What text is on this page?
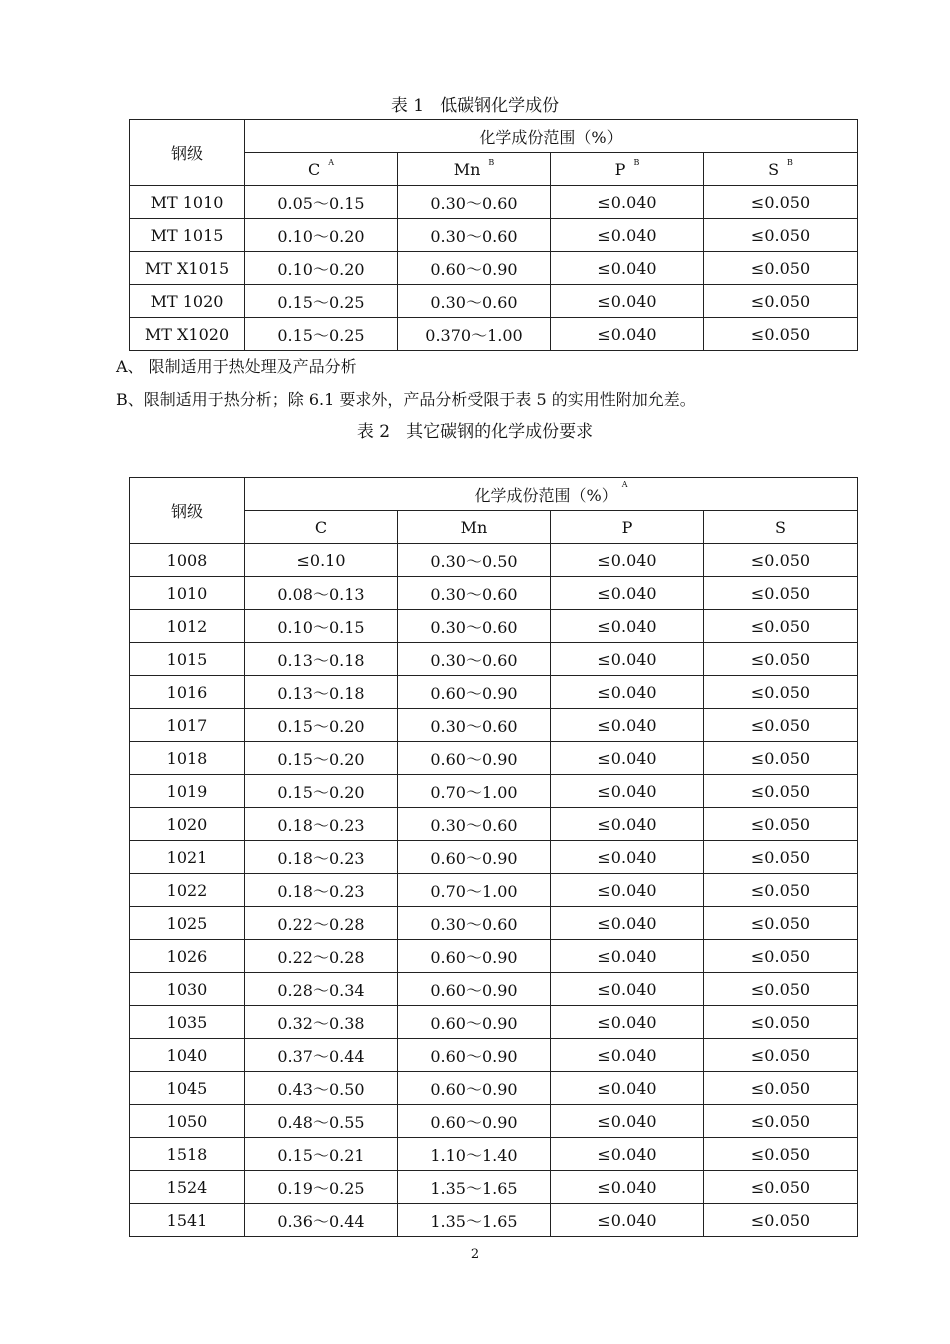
表 1 低碳钢化学成份
钢级	化学成份范围（%）			
	C $^A$	Mn $^B$	P $^B$	S $^B$
MT 1010	0.05～0.15	0.30～0.60	≤0.040	≤0.050
MT 1015	0.10～0.20	0.30～0.60	≤0.040	≤0.050
MT X1015	0.10～0.20	0.60～0.90	≤0.040	≤0.050
MT 1020	0.15～0.25	0.30～0.60	≤0.040	≤0.050
MT X1020	0.15～0.25	0.370～1.00	≤0.040	≤0.050
A、 限制适用于热处理及产品分析
B、限制适用于热分析；除 6.1 要求外，产品分析受限于表 5 的实用性附加允差。
表 2 其它碳钢的化学成份要求
钢级	化学成份范围（%）$^A$
	C	Mn	P	S
1008	≤0.10	0.30～0.50	≤0.040	≤0.050
1010	0.08～0.13	0.30～0.60	≤0.040	≤0.050
1012	0.10～0.15	0.30～0.60	≤0.040	≤0.050
1015	0.13～0.18	0.30～0.60	≤0.040	≤0.050
1016	0.13～0.18	0.60～0.90	≤0.040	≤0.050
1017	0.15～0.20	0.30～0.60	≤0.040	≤0.050
1018	0.15～0.20	0.60～0.90	≤0.040	≤0.050
1019	0.15～0.20	0.70～1.00	≤0.040	≤0.050
1020	0.18～0.23	0.30～0.60	≤0.040	≤0.050
1021	0.18～0.23	0.60～0.90	≤0.040	≤0.050
1022	0.18～0.23	0.70～1.00	≤0.040	≤0.050
1025	0.22～0.28	0.30～0.60	≤0.040	≤0.050
1026	0.22～0.28	0.60～0.90	≤0.040	≤0.050
1030	0.28～0.34	0.60～0.90	≤0.040	≤0.050
1035	0.32～0.38	0.60～0.90	≤0.040	≤0.050
1040	0.37～0.44	0.60～0.90	≤0.040	≤0.050
1045	0.43～0.50	0.60～0.90	≤0.040	≤0.050
1050	0.48～0.55	0.60～0.90	≤0.040	≤0.050
1518	0.15～0.21	1.10～1.40	≤0.040	≤0.050
1524	0.19～0.25	1.35～1.65	≤0.040	≤0.050
1541	0.36～0.44	1.35～1.65	≤0.040	≤0.050
2
